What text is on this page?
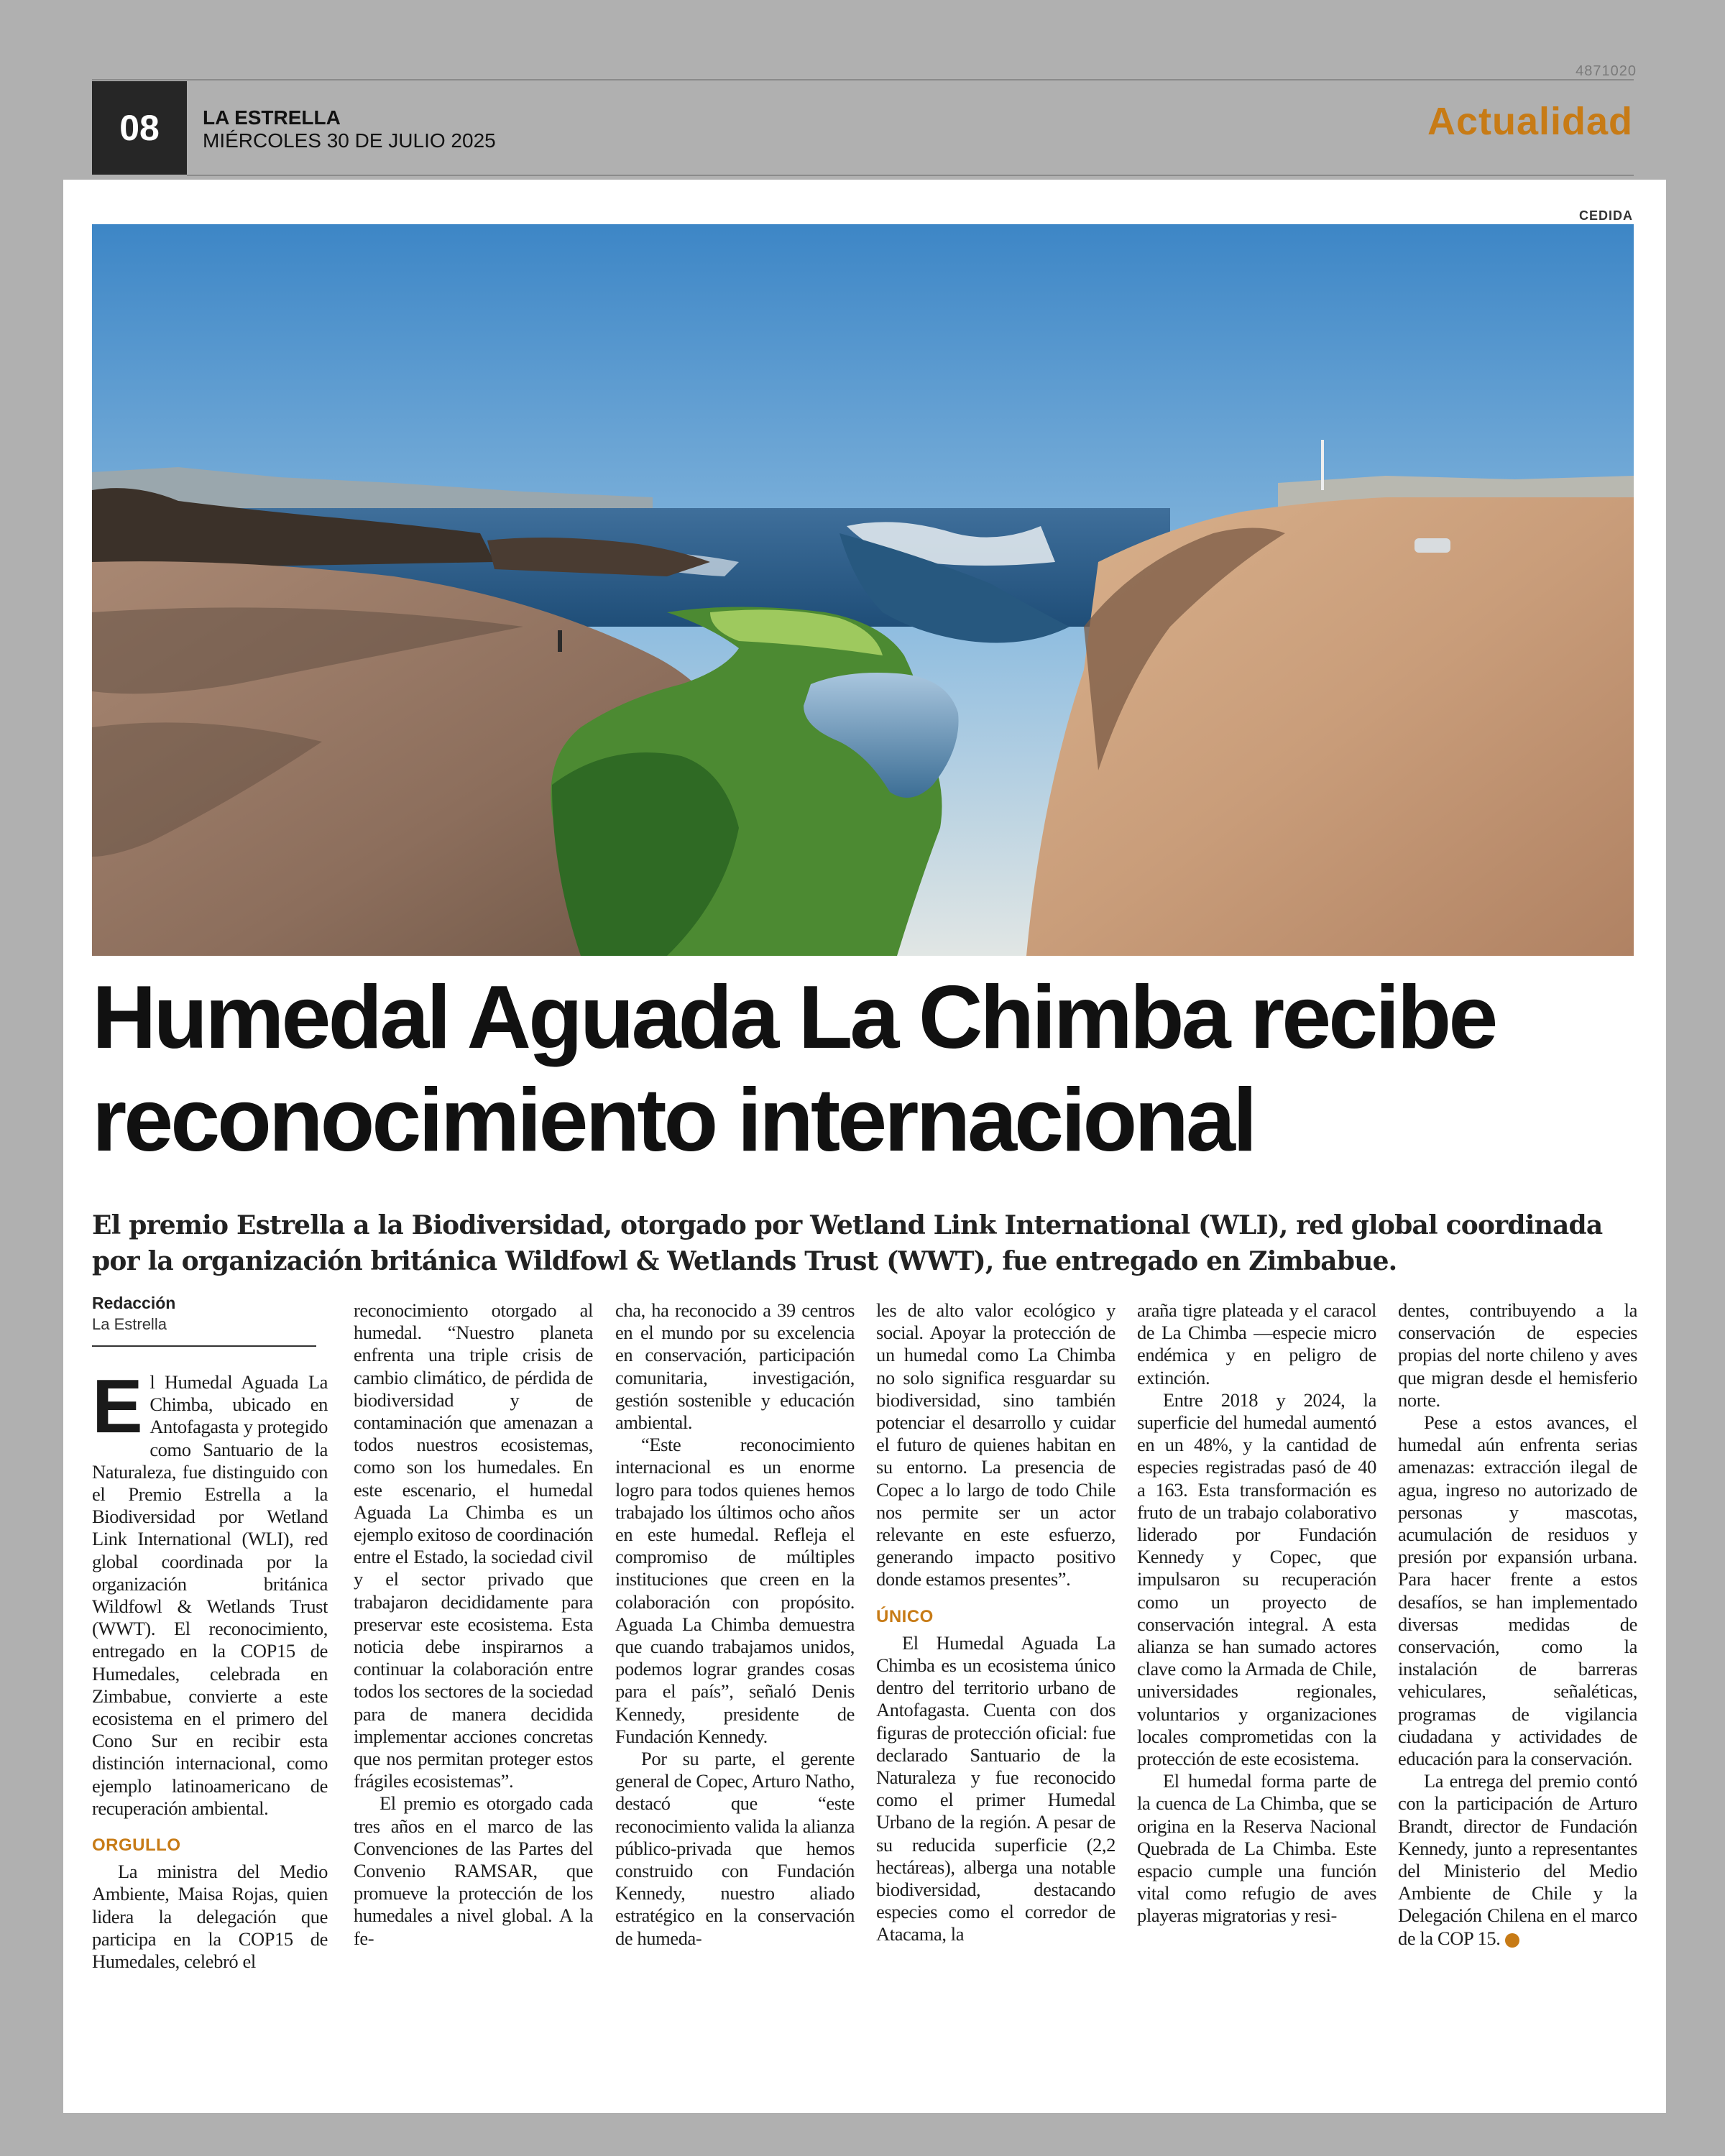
4871020
08	LA ESTRELLA
MIÉRCOLES 30 DE JULIO 2025	Actualidad
CEDIDA
Humedal Aguada La Chimba recibe reconocimiento internacional

El premio Estrella a la Biodiversidad, otorgado por Wetland Link International (WLI), red global coordinada por la organización británica Wildfowl & Wetlands Trust (WWT), fue entregado en Zimbabue.

Redacción
La Estrella

El Humedal Aguada La Chimba, ubicado en Antofagasta y protegido como Santuario de la Naturaleza, fue distinguido con el Premio Estrella a la Biodiversidad por Wetland Link International (WLI), red global coordinada por la organización británica Wildfowl & Wetlands Trust (WWT). El reconocimiento, entregado en la COP15 de Humedales, celebrada en Zimbabue, convierte a este ecosistema en el primero del Cono Sur en recibir esta distinción internacional, como ejemplo latinoamericano de recuperación ambiental.

ORGULLO

La ministra del Medio Ambiente, Maisa Rojas, quien lidera la delegación que participa en la COP15 de Humedales, celebró el

reconocimiento otorgado al humedal. “Nuestro planeta enfrenta una triple crisis de cambio climático, de pérdida de biodiversidad y de contaminación que amenazan a todos nuestros ecosistemas, como son los humedales. En este escenario, el humedal Aguada La Chimba es un ejemplo exitoso de coordinación entre el Estado, la sociedad civil y el sector privado que trabajaron decididamente para preservar este ecosistema. Esta noticia debe inspirarnos a continuar la colaboración entre todos los sectores de la sociedad para de manera decidida implementar acciones concretas que nos permitan proteger estos frágiles ecosistemas”.

El premio es otorgado cada tres años en el marco de las Convenciones de las Partes del Convenio RAMSAR, que promueve la protección de los humedales a nivel global. A la fe-

cha, ha reconocido a 39 centros en el mundo por su excelencia en conservación, participación comunitaria, investigación, gestión sostenible y educación ambiental.

“Este reconocimiento internacional es un enorme logro para todos quienes hemos trabajado los últimos ocho años en este humedal. Refleja el compromiso de múltiples instituciones que creen en la colaboración con propósito. Aguada La Chimba demuestra que cuando trabajamos unidos, podemos lograr grandes cosas para el país”, señaló Denis Kennedy, presidente de Fundación Kennedy.

Por su parte, el gerente general de Copec, Arturo Natho, destacó que “este reconocimiento valida la alianza público-privada que hemos construido con Fundación Kennedy, nuestro aliado estratégico en la conservación de humeda-

les de alto valor ecológico y social. Apoyar la protección de un humedal como La Chimba no solo significa resguardar su biodiversidad, sino también potenciar el desarrollo y cuidar el futuro de quienes habitan en su entorno. La presencia de Copec a lo largo de todo Chile nos permite ser un actor relevante en este esfuerzo, generando impacto positivo donde estamos presentes”.

ÚNICO

El Humedal Aguada La Chimba es un ecosistema único dentro del territorio urbano de Antofagasta. Cuenta con dos figuras de protección oficial: fue declarado Santuario de la Naturaleza y fue reconocido como el primer Humedal Urbano de la región. A pesar de su reducida superficie (2,2 hectáreas), alberga una notable biodiversidad, destacando especies como el corredor de Atacama, la

araña tigre plateada y el caracol de La Chimba —especie micro endémica y en peligro de extinción.

Entre 2018 y 2024, la superficie del humedal aumentó en un 48%, y la cantidad de especies registradas pasó de 40 a 163. Esta transformación es fruto de un trabajo colaborativo liderado por Fundación Kennedy y Copec, que impulsaron su recuperación como un proyecto de conservación integral. A esta alianza se han sumado actores clave como la Armada de Chile, universidades regionales, voluntarios y organizaciones locales comprometidas con la protección de este ecosistema.

El humedal forma parte de la cuenca de La Chimba, que se origina en la Reserva Nacional Quebrada de La Chimba. Este espacio cumple una función vital como refugio de aves playeras migratorias y resi-

dentes, contribuyendo a la conservación de especies propias del norte chileno y aves que migran desde el hemisferio norte.

Pese a estos avances, el humedal aún enfrenta serias amenazas: extracción ilegal de agua, ingreso no autorizado de personas y mascotas, acumulación de residuos y presión por expansión urbana. Para hacer frente a estos desafíos, se han implementado diversas medidas de conservación, como la instalación de barreras vehiculares, señaléticas, programas de vigilancia ciudadana y actividades de educación para la conservación.

La entrega del premio contó con la participación de Arturo Brandt, director de Fundación Kennedy, junto a representantes del Ministerio del Medio Ambiente de Chile y la Delegación Chilena en el marco de la COP 15.	✪
